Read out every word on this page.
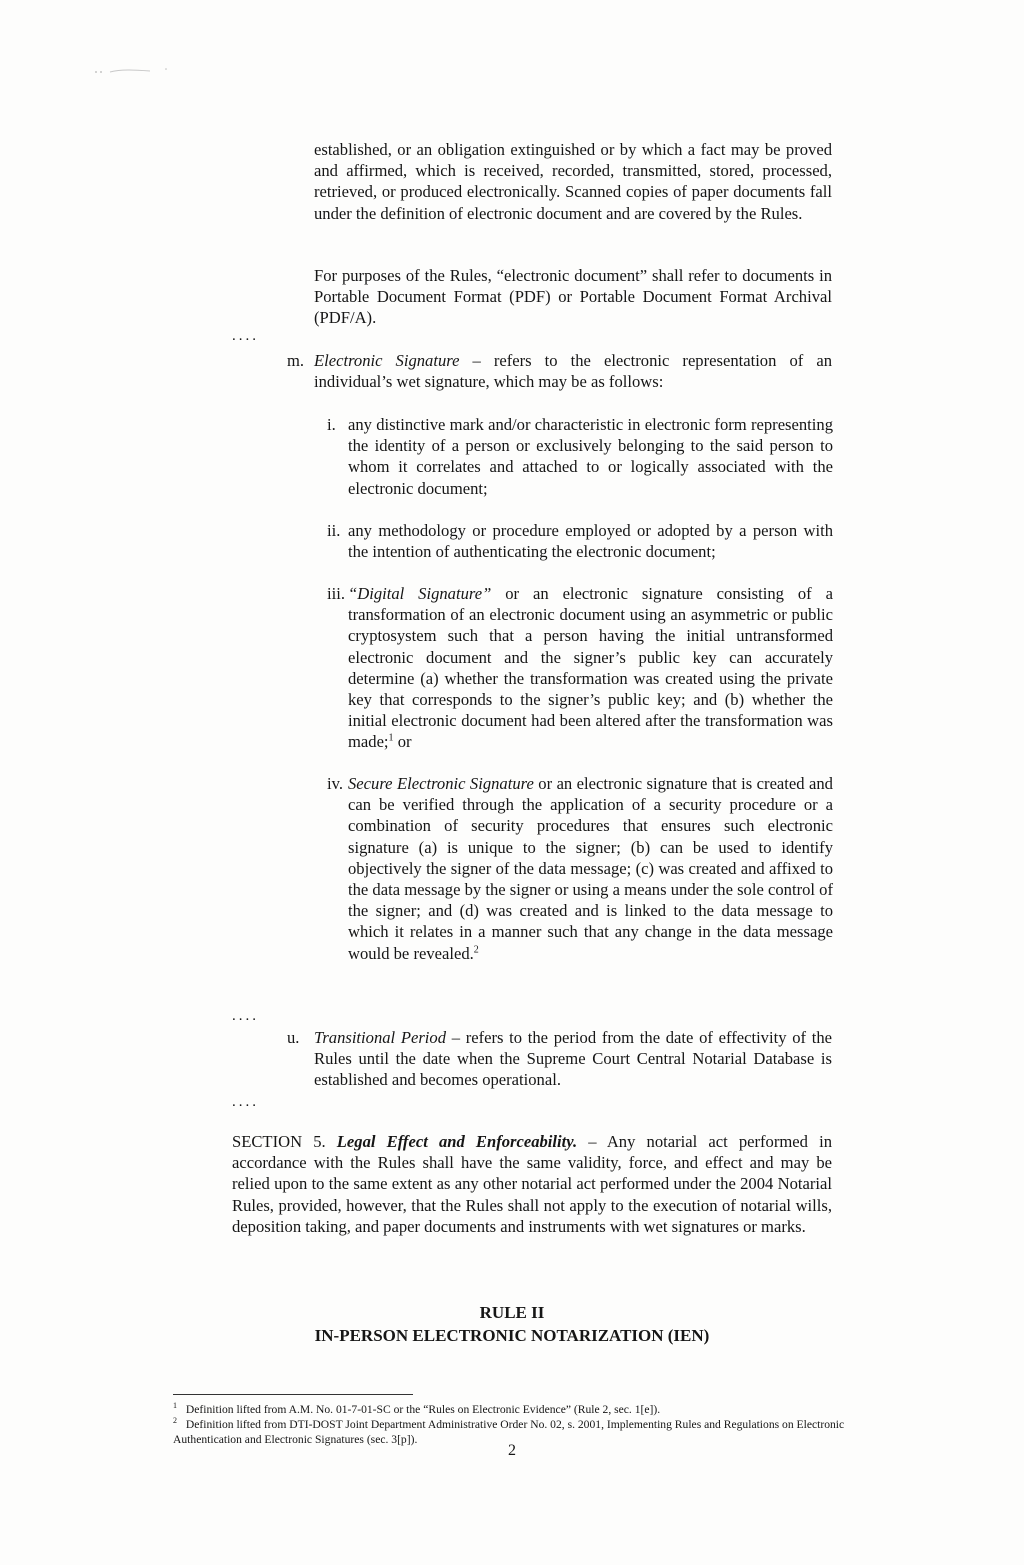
established, or an obligation extinguished or by which a fact may be proved and affirmed, which is received, recorded, transmitted, stored, processed, retrieved, or produced electronically. Scanned copies of paper documents fall under the definition of electronic document and are covered by the Rules.

For purposes of the Rules, “electronic document” shall refer to documents in Portable Document Format (PDF) or Portable Document Format Archival (PDF/A).

....
m. Electronic Signature – refers to the electronic representation of an individual’s wet signature, which may be as follows:
i. any distinctive mark and/or characteristic in electronic form representing the identity of a person or exclusively belonging to the said person to whom it correlates and attached to or logically associated with the electronic document;
ii. any methodology or procedure employed or adopted by a person with the intention of authenticating the electronic document;
iii. “Digital Signature” or an electronic signature consisting of a transformation of an electronic document using an asymmetric or public cryptosystem such that a person having the initial untransformed electronic document and the signer’s public key can accurately determine (a) whether the transformation was created using the private key that corresponds to the signer’s public key; and (b) whether the initial electronic document had been altered after the transformation was made;$^1$ or
iv. Secure Electronic Signature or an electronic signature that is created and can be verified through the application of a security procedure or a combination of security procedures that ensures such electronic signature (a) is unique to the signer; (b) can be used to identify objectively the signer of the data message; (c) was created and affixed to the data message by the signer or using a means under the sole control of the signer; and (d) was created and is linked to the data message to which it relates in a manner such that any change in the data message would be revealed.$^2$
....
u. Transitional Period – refers to the period from the date of effectivity of the Rules until the date when the Supreme Court Central Notarial Database is established and becomes operational.
....

SECTION 5. Legal Effect and Enforceability. – Any notarial act performed in accordance with the Rules shall have the same validity, force, and effect and may be relied upon to the same extent as any other notarial act performed under the 2004 Notarial Rules, provided, however, that the Rules shall not apply to the execution of notarial wills, deposition taking, and paper documents and instruments with wet signatures or marks.

RULE II
IN-PERSON ELECTRONIC NOTARIZATION (IEN)
$^1$ Definition lifted from A.M. No. 01-7-01-SC or the “Rules on Electronic Evidence” (Rule 2, sec. 1[e]).
$^2$ Definition lifted from DTI-DOST Joint Department Administrative Order No. 02, s. 2001, Implementing Rules and Regulations on Electronic Authentication and Electronic Signatures (sec. 3[p]).
2
